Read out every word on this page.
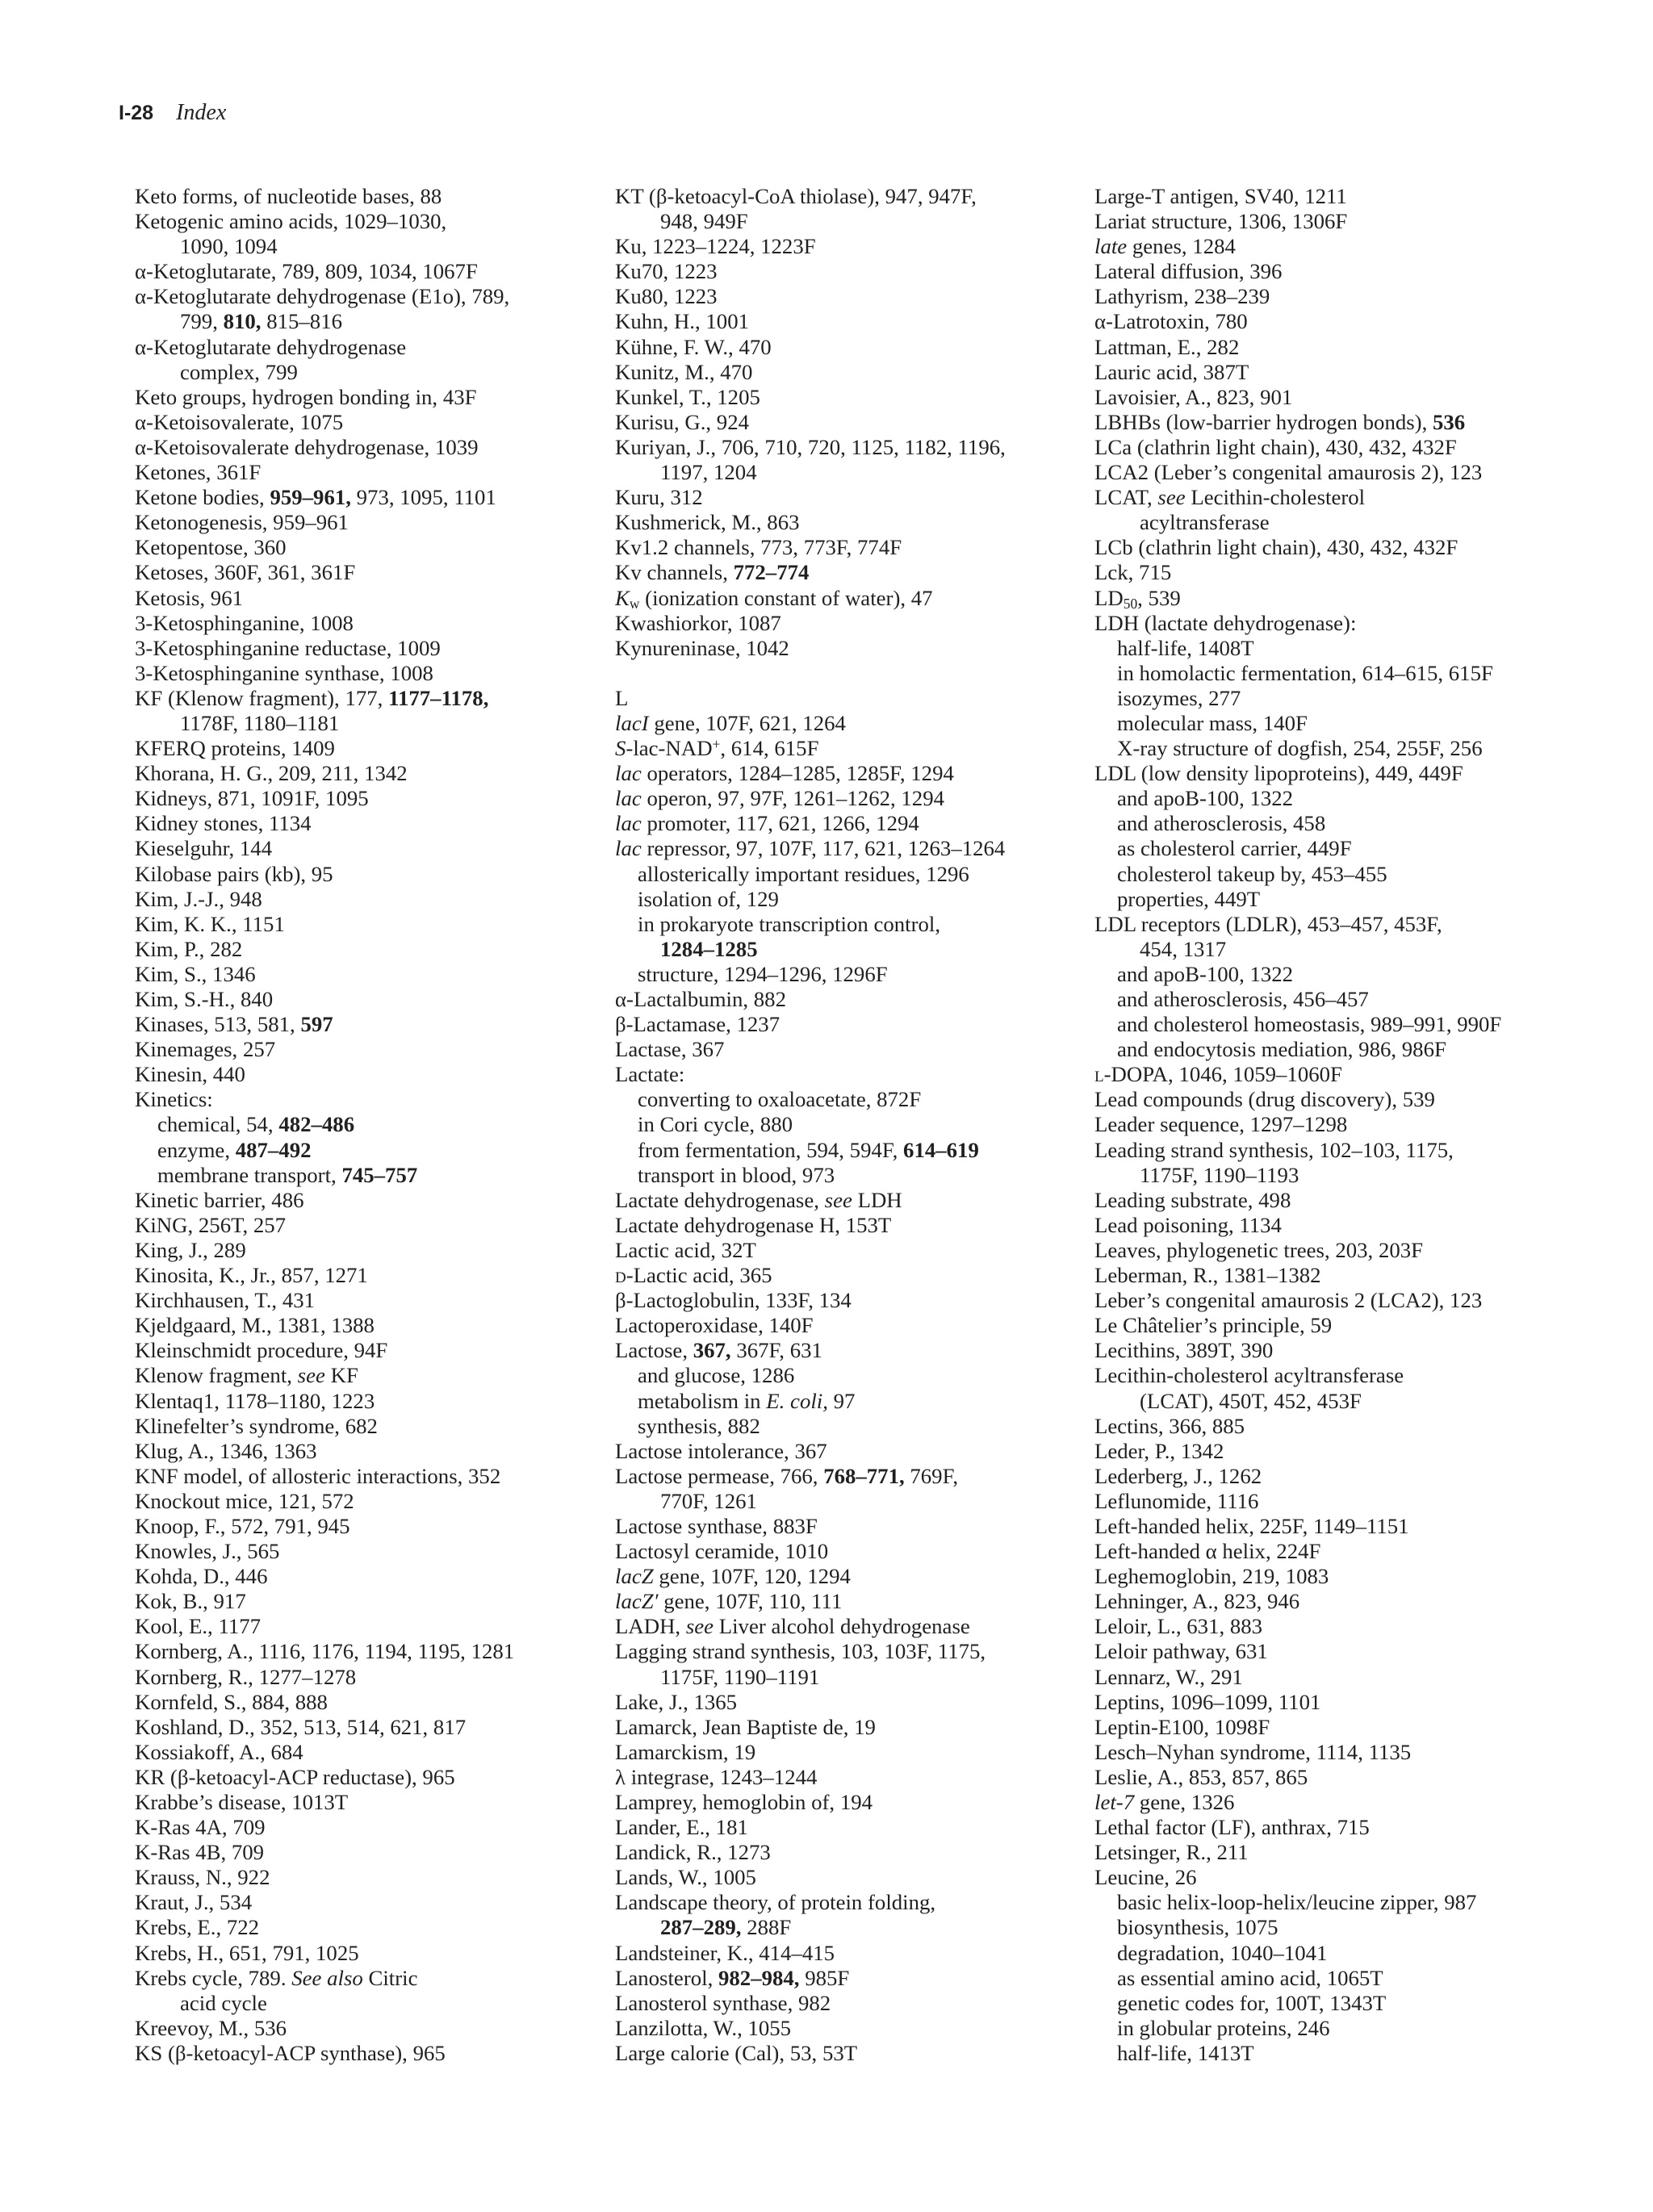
I-28 Index
Keto forms, of nucleotide bases, 88
Ketogenic amino acids, 1029–1030,
1090, 1094
α-Ketoglutarate, 789, 809, 1034, 1067F
α-Ketoglutarate dehydrogenase (E1o), 789,
799, 810, 815–816
α-Ketoglutarate dehydrogenase
complex, 799
Keto groups, hydrogen bonding in, 43F
α-Ketoisovalerate, 1075
α-Ketoisovalerate dehydrogenase, 1039
Ketones, 361F
Ketone bodies, 959–961, 973, 1095, 1101
Ketonogenesis, 959–961
Ketopentose, 360
Ketoses, 360F, 361, 361F
Ketosis, 961
3-Ketosphinganine, 1008
3-Ketosphinganine reductase, 1009
3-Ketosphinganine synthase, 1008
KF (Klenow fragment), 177, 1177–1178,
1178F, 1180–1181
KFERQ proteins, 1409
Khorana, H. G., 209, 211, 1342
Kidneys, 871, 1091F, 1095
Kidney stones, 1134
Kieselguhr, 144
Kilobase pairs (kb), 95
Kim, J.-J., 948
Kim, K. K., 1151
Kim, P., 282
Kim, S., 1346
Kim, S.-H., 840
Kinases, 513, 581, 597
Kinemages, 257
Kinesin, 440
Kinetics:
chemical, 54, 482–486
enzyme, 487–492
membrane transport, 745–757
Kinetic barrier, 486
KiNG, 256T, 257
King, J., 289
Kinosita, K., Jr., 857, 1271
Kirchhausen, T., 431
Kjeldgaard, M., 1381, 1388
Kleinschmidt procedure, 94F
Klenow fragment, see KF
Klentaq1, 1178–1180, 1223
Klinefelter’s syndrome, 682
Klug, A., 1346, 1363
KNF model, of allosteric interactions, 352
Knockout mice, 121, 572
Knoop, F., 572, 791, 945
Knowles, J., 565
Kohda, D., 446
Kok, B., 917
Kool, E., 1177
Kornberg, A., 1116, 1176, 1194, 1195, 1281
Kornberg, R., 1277–1278
Kornfeld, S., 884, 888
Koshland, D., 352, 513, 514, 621, 817
Kossiakoff, A., 684
KR (β-ketoacyl-ACP reductase), 965
Krabbe’s disease, 1013T
K-Ras 4A, 709
K-Ras 4B, 709
Krauss, N., 922
Kraut, J., 534
Krebs, E., 722
Krebs, H., 651, 791, 1025
Krebs cycle, 789. See also Citric
acid cycle
Kreevoy, M., 536
KS (β-ketoacyl-ACP synthase), 965
KT (β-ketoacyl-CoA thiolase), 947, 947F,
948, 949F
Ku, 1223–1224, 1223F
Ku70, 1223
Ku80, 1223
Kuhn, H., 1001
Kühne, F. W., 470
Kunitz, M., 470
Kunkel, T., 1205
Kurisu, G., 924
Kuriyan, J., 706, 710, 720, 1125, 1182, 1196,
1197, 1204
Kuru, 312
Kushmerick, M., 863
Kv1.2 channels, 773, 773F, 774F
Kv channels, 772–774
$K_w$ (ionization constant of water), 47
Kwashiorkor, 1087
Kynureninase, 1042

L
lacI gene, 107F, 621, 1264
S-lac-NAD+, 614, 615F
lac operators, 1284–1285, 1285F, 1294
lac operon, 97, 97F, 1261–1262, 1294
lac promoter, 117, 621, 1266, 1294
lac repressor, 97, 107F, 117, 621, 1263–1264
allosterically important residues, 1296
isolation of, 129
in prokaryote transcription control,
1284–1285
structure, 1294–1296, 1296F
α-Lactalbumin, 882
β-Lactamase, 1237
Lactase, 367
Lactate:
converting to oxaloacetate, 872F
in Cori cycle, 880
from fermentation, 594, 594F, 614–619
transport in blood, 973
Lactate dehydrogenase, see LDH
Lactate dehydrogenase H, 153T
Lactic acid, 32T
d-Lactic acid, 365
β-Lactoglobulin, 133F, 134
Lactoperoxidase, 140F
Lactose, 367, 367F, 631
and glucose, 1286
metabolism in E. coli, 97
synthesis, 882
Lactose intolerance, 367
Lactose permease, 766, 768–771, 769F,
770F, 1261
Lactose synthase, 883F
Lactosyl ceramide, 1010
lacZ gene, 107F, 120, 1294
lacZ′ gene, 107F, 110, 111
LADH, see Liver alcohol dehydrogenase
Lagging strand synthesis, 103, 103F, 1175,
1175F, 1190–1191
Lake, J., 1365
Lamarck, Jean Baptiste de, 19
Lamarckism, 19
λ integrase, 1243–1244
Lamprey, hemoglobin of, 194
Lander, E., 181
Landick, R., 1273
Lands, W., 1005
Landscape theory, of protein folding,
287–289, 288F
Landsteiner, K., 414–415
Lanosterol, 982–984, 985F
Lanosterol synthase, 982
Lanzilotta, W., 1055
Large calorie (Cal), 53, 53T
Large-T antigen, SV40, 1211
Lariat structure, 1306, 1306F
late genes, 1284
Lateral diffusion, 396
Lathyrism, 238–239
α-Latrotoxin, 780
Lattman, E., 282
Lauric acid, 387T
Lavoisier, A., 823, 901
LBHBs (low-barrier hydrogen bonds), 536
LCa (clathrin light chain), 430, 432, 432F
LCA2 (Leber’s congenital amaurosis 2), 123
LCAT, see Lecithin-cholesterol
acyltransferase
LCb (clathrin light chain), 430, 432, 432F
Lck, 715
$LD_{50}$, 539
LDH (lactate dehydrogenase):
half-life, 1408T
in homolactic fermentation, 614–615, 615F
isozymes, 277
molecular mass, 140F
X-ray structure of dogfish, 254, 255F, 256
LDL (low density lipoproteins), 449, 449F
and apoB-100, 1322
and atherosclerosis, 458
as cholesterol carrier, 449F
cholesterol takeup by, 453–455
properties, 449T
LDL receptors (LDLR), 453–457, 453F,
454, 1317
and apoB-100, 1322
and atherosclerosis, 456–457
and cholesterol homeostasis, 989–991, 990F
and endocytosis mediation, 986, 986F
l-DOPA, 1046, 1059–1060F
Lead compounds (drug discovery), 539
Leader sequence, 1297–1298
Leading strand synthesis, 102–103, 1175,
1175F, 1190–1193
Leading substrate, 498
Lead poisoning, 1134
Leaves, phylogenetic trees, 203, 203F
Leberman, R., 1381–1382
Leber’s congenital amaurosis 2 (LCA2), 123
Le Châtelier’s principle, 59
Lecithins, 389T, 390
Lecithin-cholesterol acyltransferase
(LCAT), 450T, 452, 453F
Lectins, 366, 885
Leder, P., 1342
Lederberg, J., 1262
Leflunomide, 1116
Left-handed helix, 225F, 1149–1151
Left-handed α helix, 224F
Leghemoglobin, 219, 1083
Lehninger, A., 823, 946
Leloir, L., 631, 883
Leloir pathway, 631
Lennarz, W., 291
Leptins, 1096–1099, 1101
Leptin-E100, 1098F
Lesch–Nyhan syndrome, 1114, 1135
Leslie, A., 853, 857, 865
let-7 gene, 1326
Lethal factor (LF), anthrax, 715
Letsinger, R., 211
Leucine, 26
basic helix-loop-helix/leucine zipper, 987
biosynthesis, 1075
degradation, 1040–1041
as essential amino acid, 1065T
genetic codes for, 100T, 1343T
in globular proteins, 246
half-life, 1413T
